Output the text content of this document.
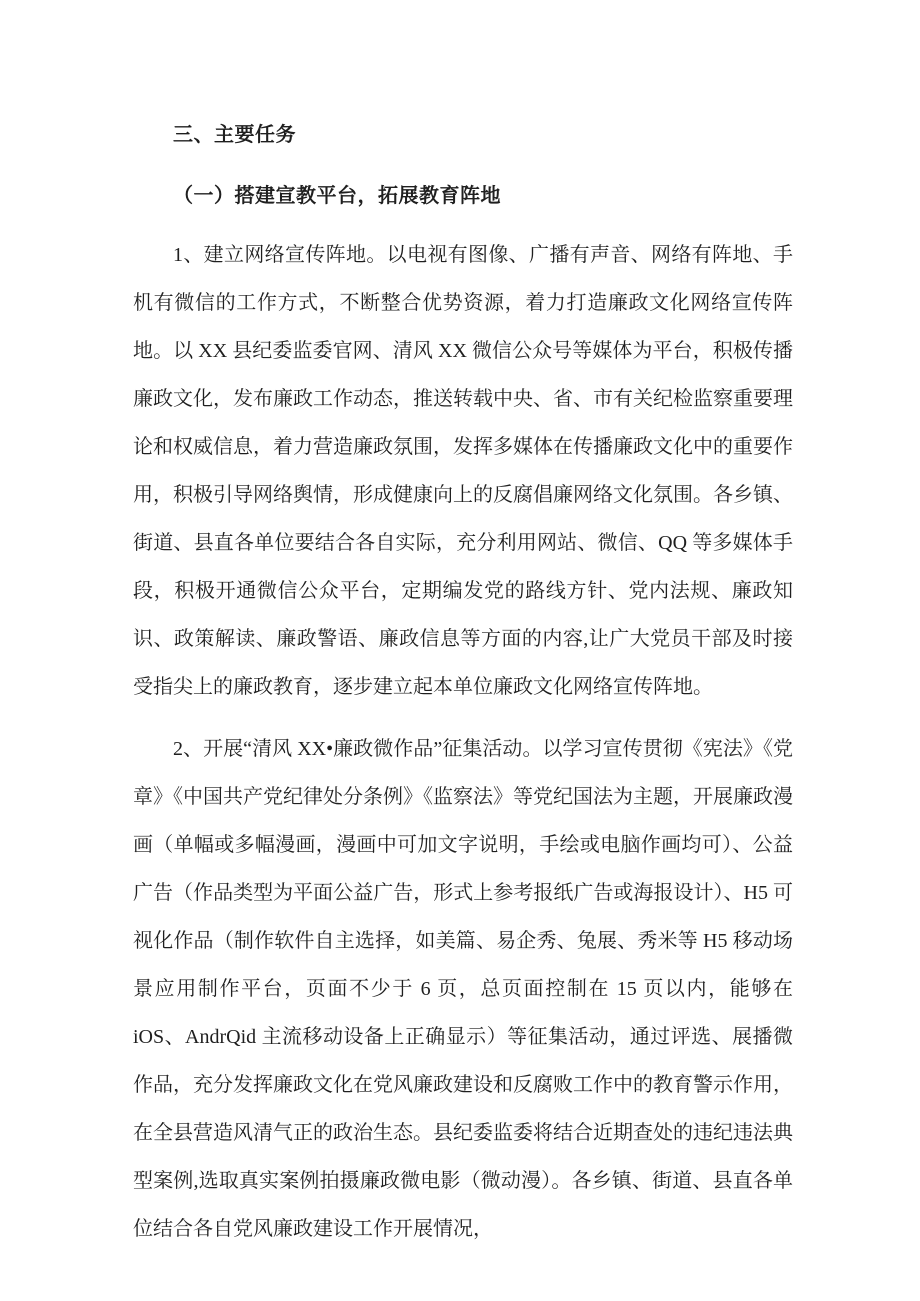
三、主要任务
（一）搭建宣教平台，拓展教育阵地

1、建立网络宣传阵地。以电视有图像、广播有声音、网络有阵地、手机有微信的工作方式，不断整合优势资源，着力打造廉政文化网络宣传阵地。以 XX 县纪委监委官网、清风 XX 微信公众号等媒体为平台，积极传播廉政文化，发布廉政工作动态，推送转载中央、省、市有关纪检监察重要理论和权威信息，着力营造廉政氛围，发挥多媒体在传播廉政文化中的重要作用，积极引导网络舆情，形成健康向上的反腐倡廉网络文化氛围。各乡镇、街道、县直各单位要结合各自实际，充分利用网站、微信、QQ 等多媒体手段，积极开通微信公众平台，定期编发党的路线方针、党内法规、廉政知识、政策解读、廉政警语、廉政信息等方面的内容,让广大党员干部及时接受指尖上的廉政教育，逐步建立起本单位廉政文化网络宣传阵地。

2、开展“清风 XX•廉政微作品”征集活动。以学习宣传贯彻《宪法》《党章》《中国共产党纪律处分条例》《监察法》等党纪国法为主题，开展廉政漫画（单幅或多幅漫画，漫画中可加文字说明，手绘或电脑作画均可）、公益广告（作品类型为平面公益广告，形式上参考报纸广告或海报设计）、H5 可视化作品（制作软件自主选择，如美篇、易企秀、兔展、秀米等 H5 移动场景应用制作平台，页面不少于 6 页，总页面控制在 15 页以内，能够在 iOS、AndrQid 主流移动设备上正确显示）等征集活动，通过评选、展播微作品，充分发挥廉政文化在党风廉政建设和反腐败工作中的教育警示作用，在全县营造风清气正的政治生态。县纪委监委将结合近期查处的违纪违法典型案例,选取真实案例拍摄廉政微电影（微动漫）。各乡镇、街道、县直各单位结合各自党风廉政建设工作开展情况，
